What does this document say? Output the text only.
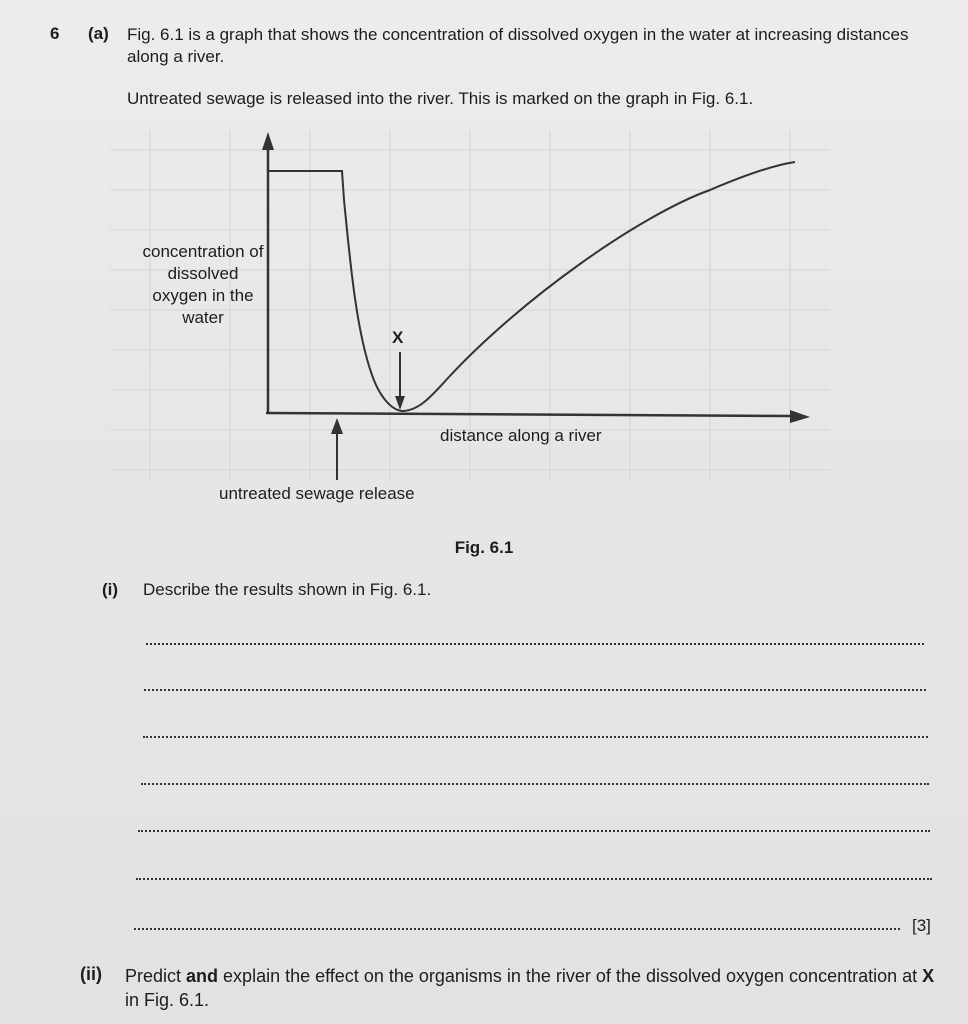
6 (a) Fig. 6.1 is a graph that shows the concentration of dissolved oxygen in the water at increasing distances along a river.
Untreated sewage is released into the river. This is marked on the graph in Fig. 6.1.
concentration of dissolved oxygen in the water
X
distance along a river
untreated sewage release
Fig. 6.1
(i) Describe the results shown in Fig. 6.1.
[3]
(ii) Predict and explain the effect on the organisms in the river of the dissolved oxygen concentration at X in Fig. 6.1.
